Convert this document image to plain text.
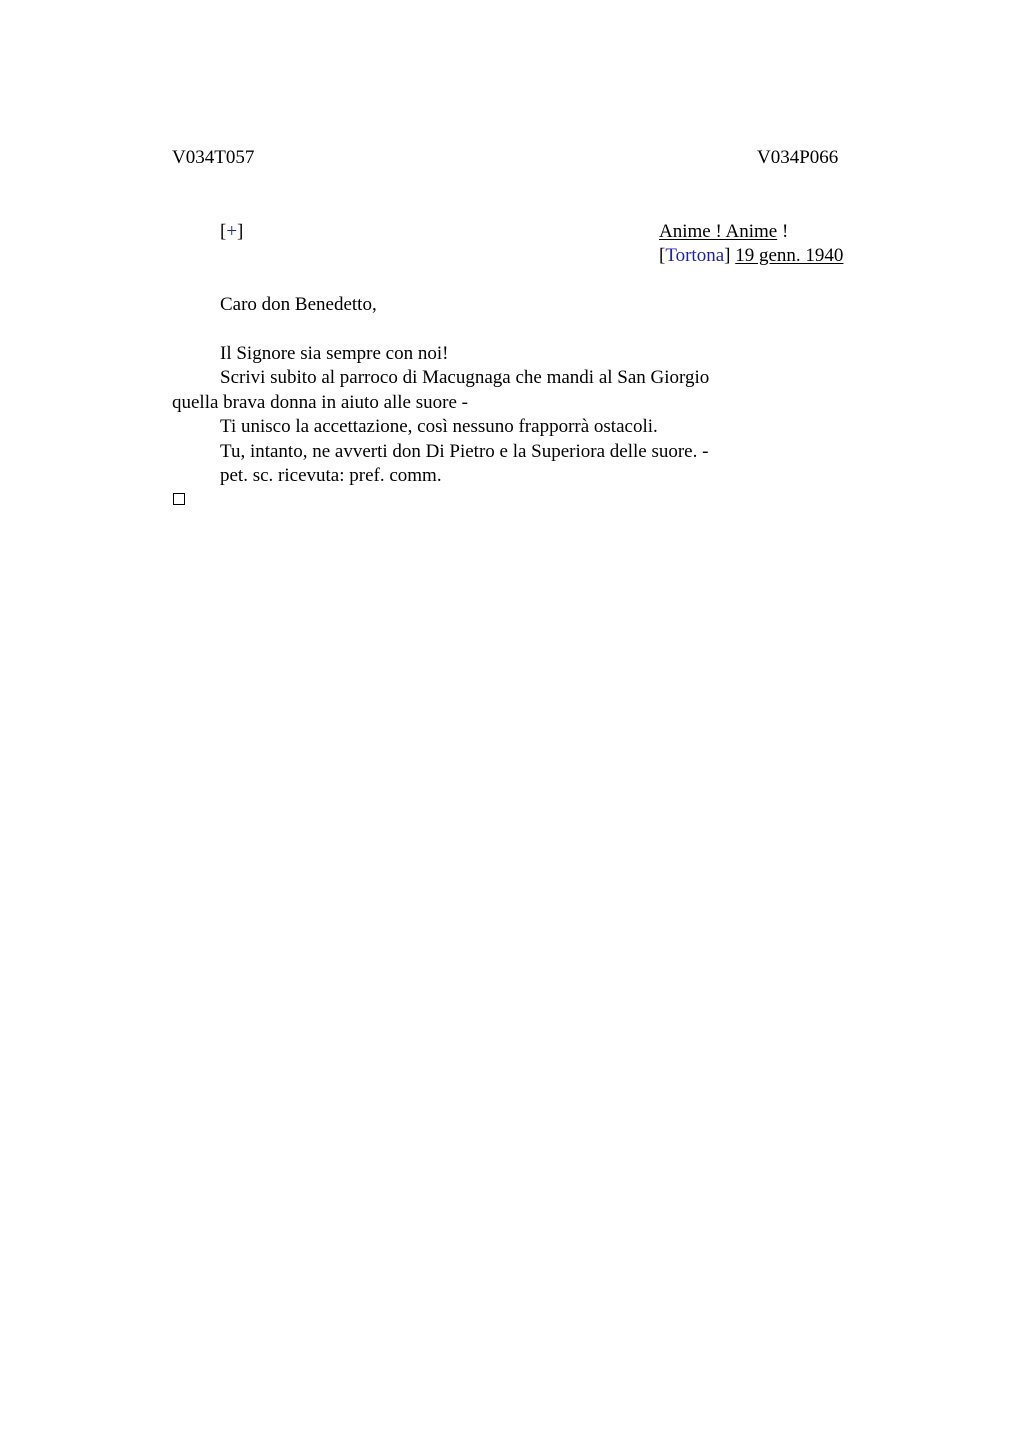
V034T057	V034P066
[+]	Anime ! Anime !
[Tortona] 19 genn. 1940
Caro don Benedetto,
Il Signore sia sempre con noi!
Scrivi subito al parroco di Macugnaga che mandi al San Giorgio
quella brava donna in aiuto alle suore -
Ti unisco la accettazione, così nessuno frapporrà ostacoli.
Tu, intanto, ne avverti don Di Pietro e la Superiora delle suore. -
pet. sc. ricevuta: pref. comm.
